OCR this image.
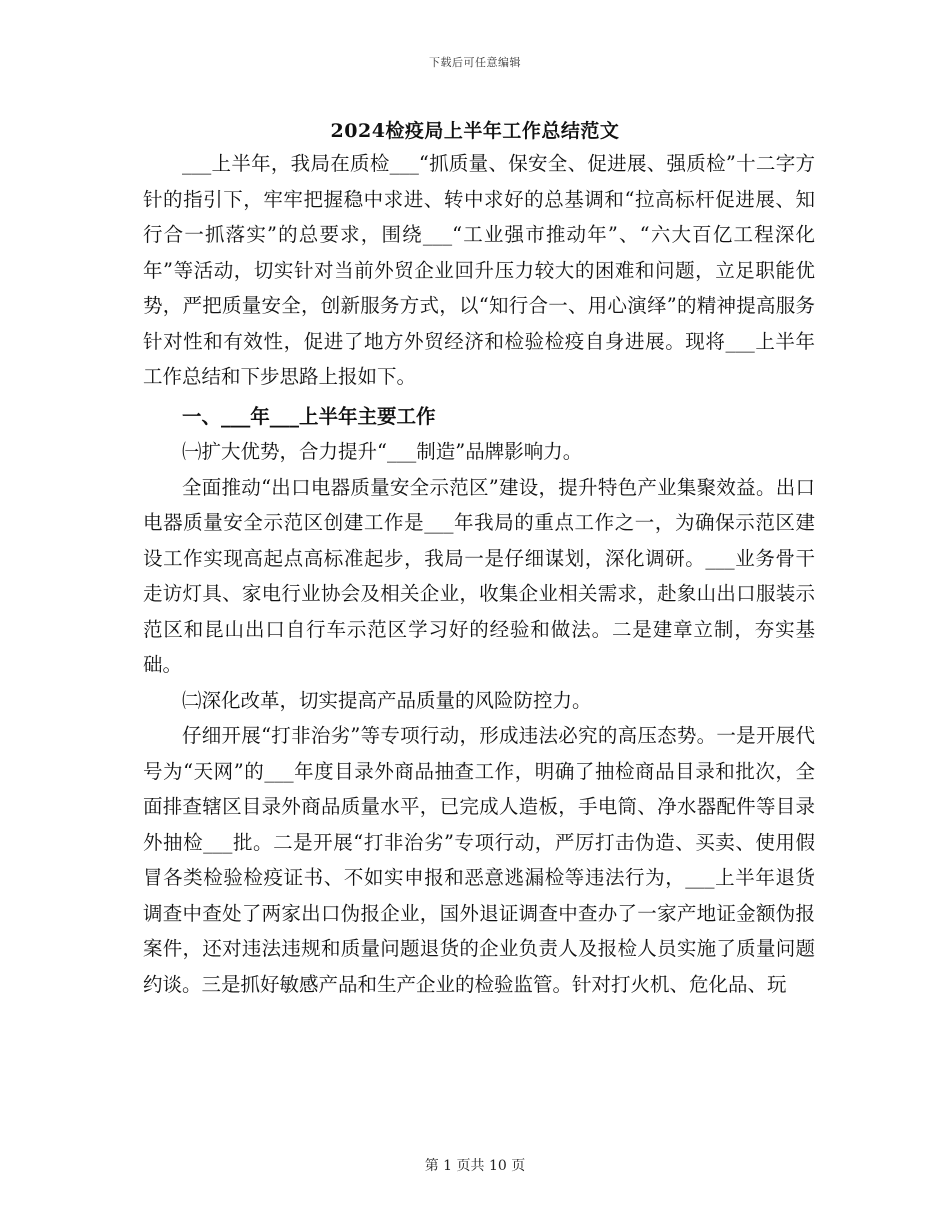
下载后可任意编辑
2024检疫局上半年工作总结范文

___上半年，我局在质检___“抓质量、保安全、促进展、强质检”十二字方针的指引下，牢牢把握稳中求进、转中求好的总基调和“拉高标杆促进展、知行合一抓落实”的总要求，围绕___“工业强市推动年”、“六大百亿工程深化年”等活动，切实针对当前外贸企业回升压力较大的困难和问题，立足职能优势，严把质量安全，创新服务方式，以“知行合一、用心演绎”的精神提高服务针对性和有效性，促进了地方外贸经济和检验检疫自身进展。现将___上半年工作总结和下步思路上报如下。

一、___年___上半年主要工作

㈠扩大优势，合力提升“___制造”品牌影响力。

全面推动“出口电器质量安全示范区”建设，提升特色产业集聚效益。出口电器质量安全示范区创建工作是___年我局的重点工作之一，为确保示范区建设工作实现高起点高标准起步，我局一是仔细谋划，深化调研。___业务骨干走访灯具、家电行业协会及相关企业，收集企业相关需求，赴象山出口服装示范区和昆山出口自行车示范区学习好的经验和做法。二是建章立制，夯实基础。

㈡深化改革，切实提高产品质量的风险防控力。

仔细开展“打非治劣”等专项行动，形成违法必究的高压态势。一是开展代号为“天网”的___年度目录外商品抽查工作，明确了抽检商品目录和批次，全面排查辖区目录外商品质量水平，已完成人造板，手电筒、净水器配件等目录外抽检___批。二是开展“打非治劣”专项行动，严厉打击伪造、买卖、使用假冒各类检验检疫证书、不如实申报和恶意逃漏检等违法行为，___上半年退货调查中查处了两家出口伪报企业，国外退证调查中查办了一家产地证金额伪报案件，还对违法违规和质量问题退货的企业负责人及报检人员实施了质量问题约谈。三是抓好敏感产品和生产企业的检验监管。针对打火机、危化品、玩

第 1 页共 10 页
